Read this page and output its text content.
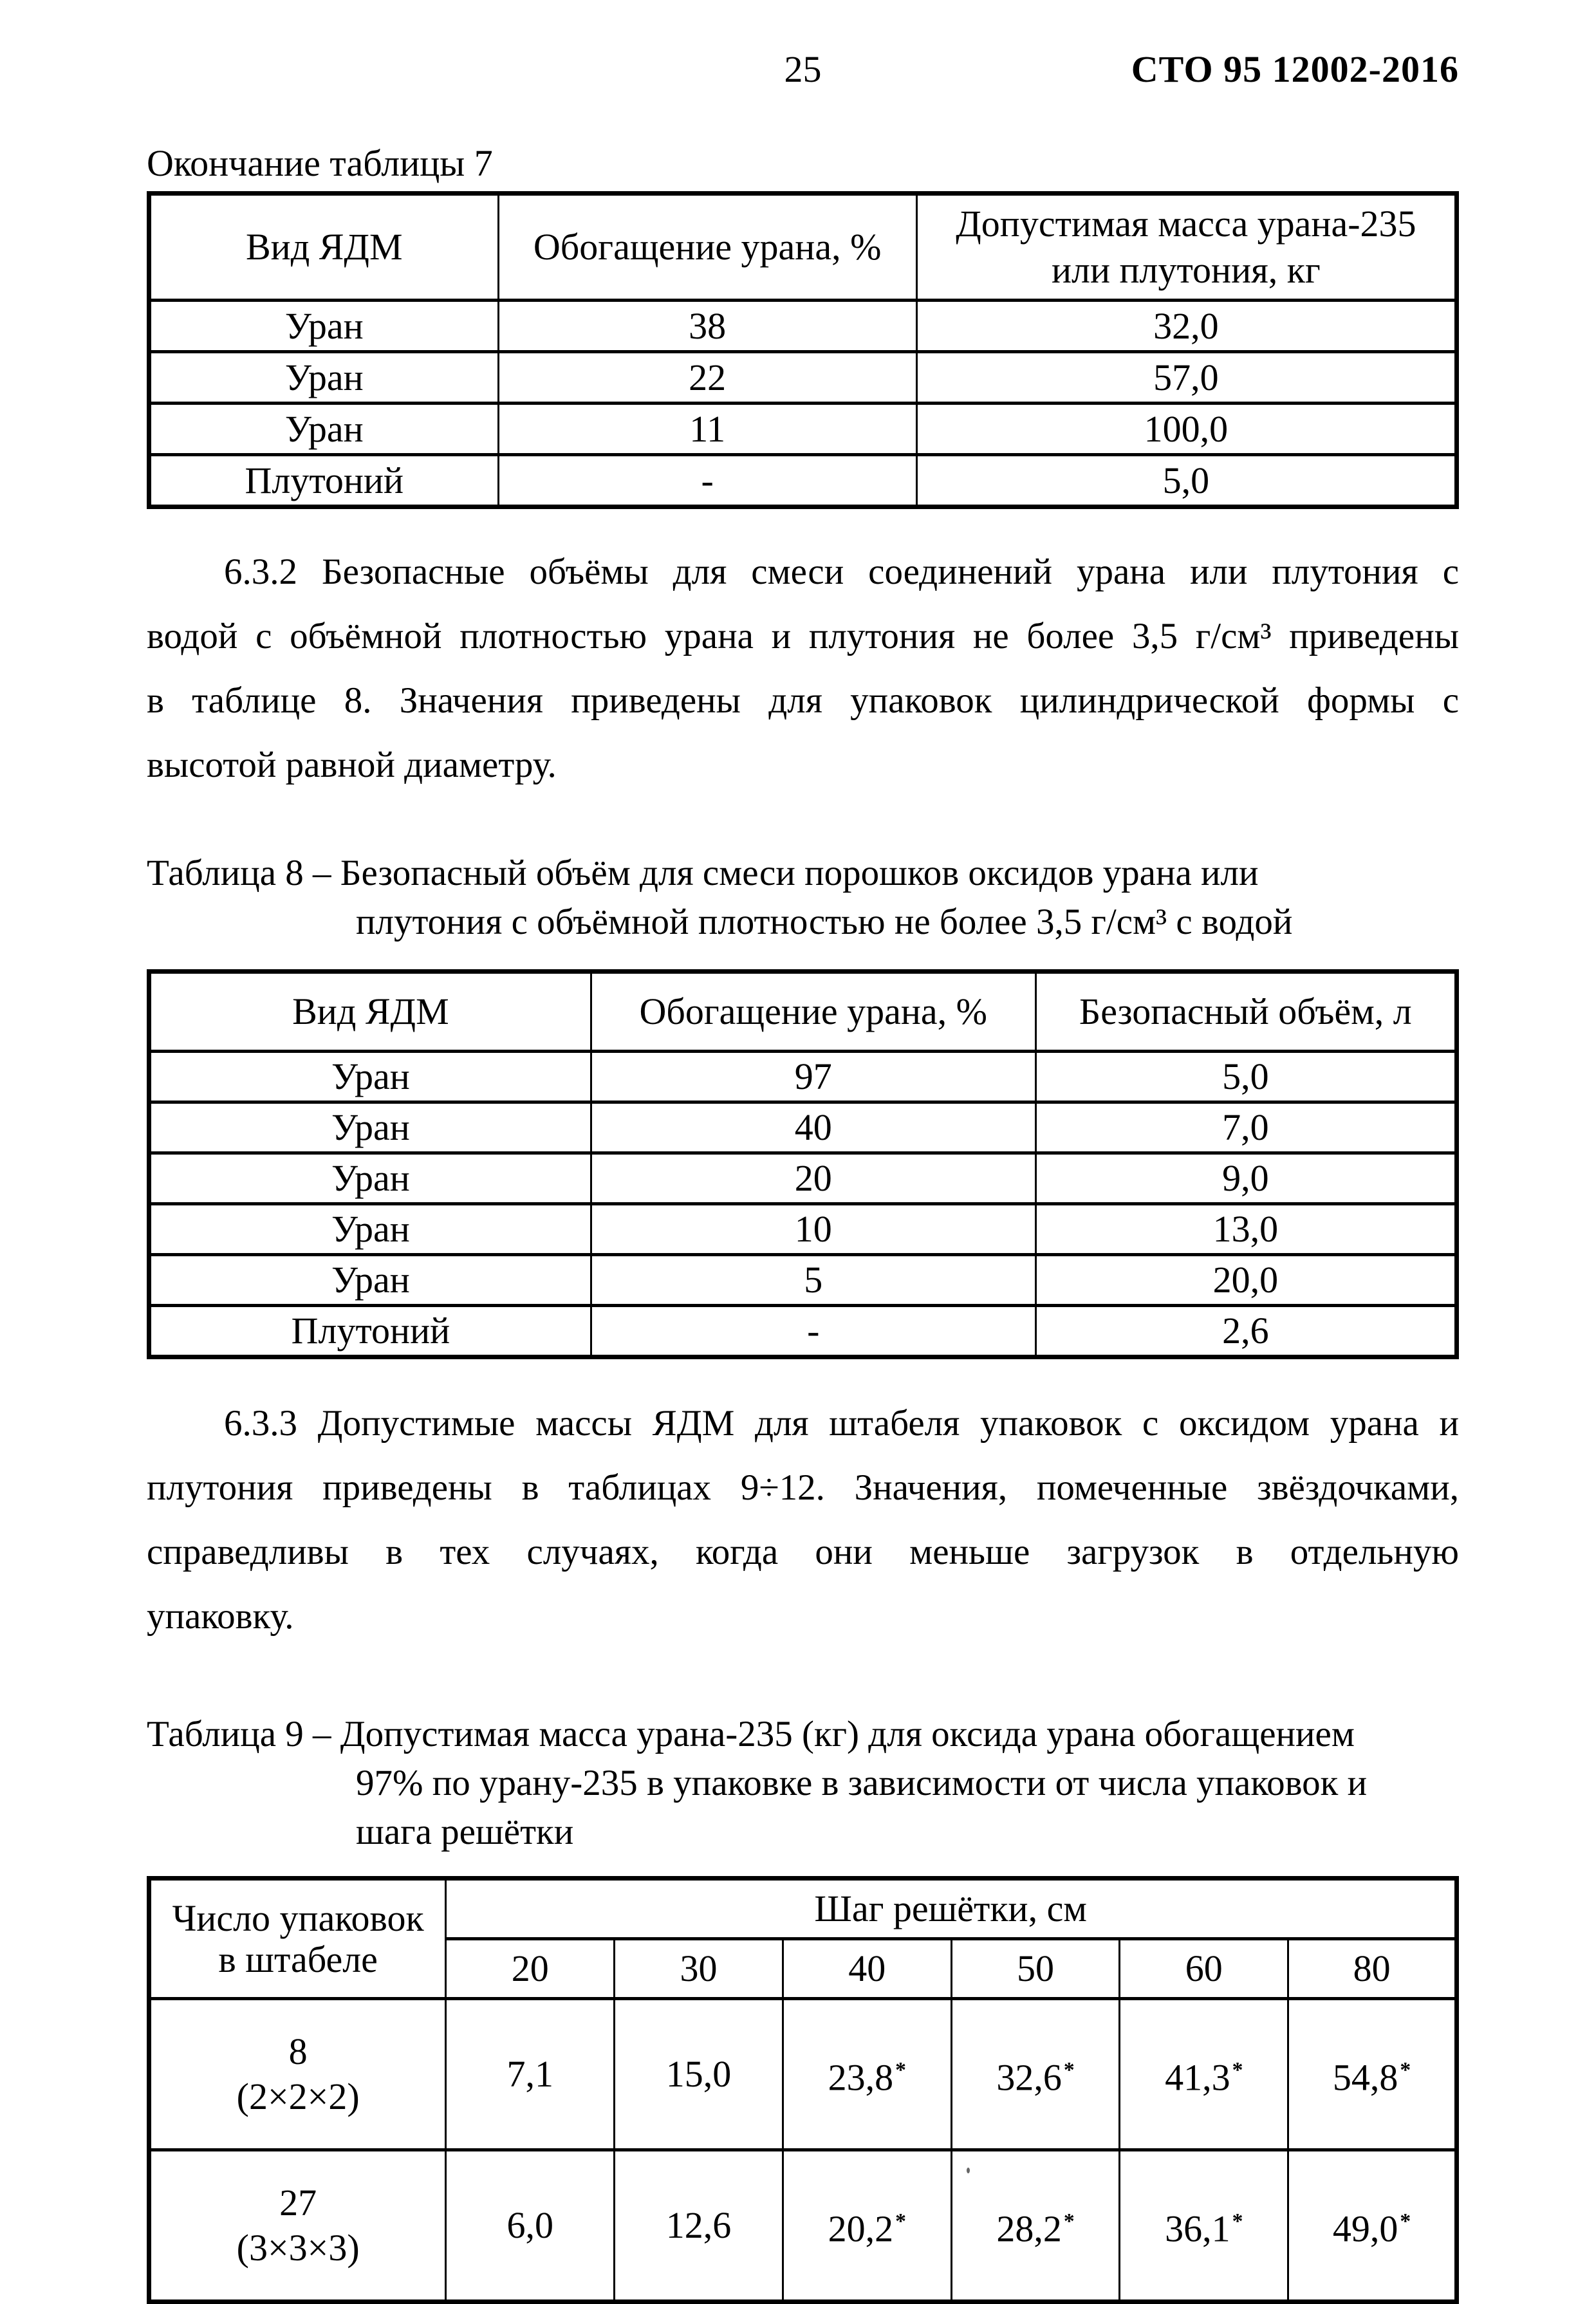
25	СТО 95 12002-2016
Окончание таблицы 7
Вид ЯДМ	Обогащение урана, %	Допустимая масса урана-235
или плутония, кг

Уран	38	32,0
Уран	22	57,0
Уран	11	100,0
Плутоний	-	5,0
6.3.2 Безопасные объёмы для смеси соединений урана или плутония с
водой с объёмной плотностью урана и плутония не более 3,5 г/см³ приведены
в таблице 8. Значения приведены для упаковок цилиндрической формы с
высотой равной диаметру.
Таблица 8 – Безопасный объём для смеси порошков оксидов урана или
плутония с объёмной плотностью не более 3,5 г/см³ с водой
Вид ЯДМ	Обогащение урана, %	Безопасный объём, л

Уран	97	5,0
Уран	40	7,0
Уран	20	9,0
Уран	10	13,0
Уран	5	20,0
Плутоний	-	2,6
6.3.3 Допустимые массы ЯДМ для штабеля упаковок с оксидом урана и
плутония приведены в таблицах 9÷12. Значения, помеченные звёздочками,
справедливы в тех случаях, когда они меньше загрузок в отдельную
упаковку.
Таблица 9 – Допустимая масса урана-235 (кг) для оксида урана обогащением
97% по урану-235 в упаковке в зависимости от числа упаковок и
шага решётки
Число упаковок
в штабеле	Шаг решётки, см					
	20	30	40	50	60	80

8
(2×2×2)	7,1	15,0	23,8*	32,6*	41,3*	54,8*

27
(3×3×3)	6,0	12,6	20,2*	28,2*	36,1*	49,0*
